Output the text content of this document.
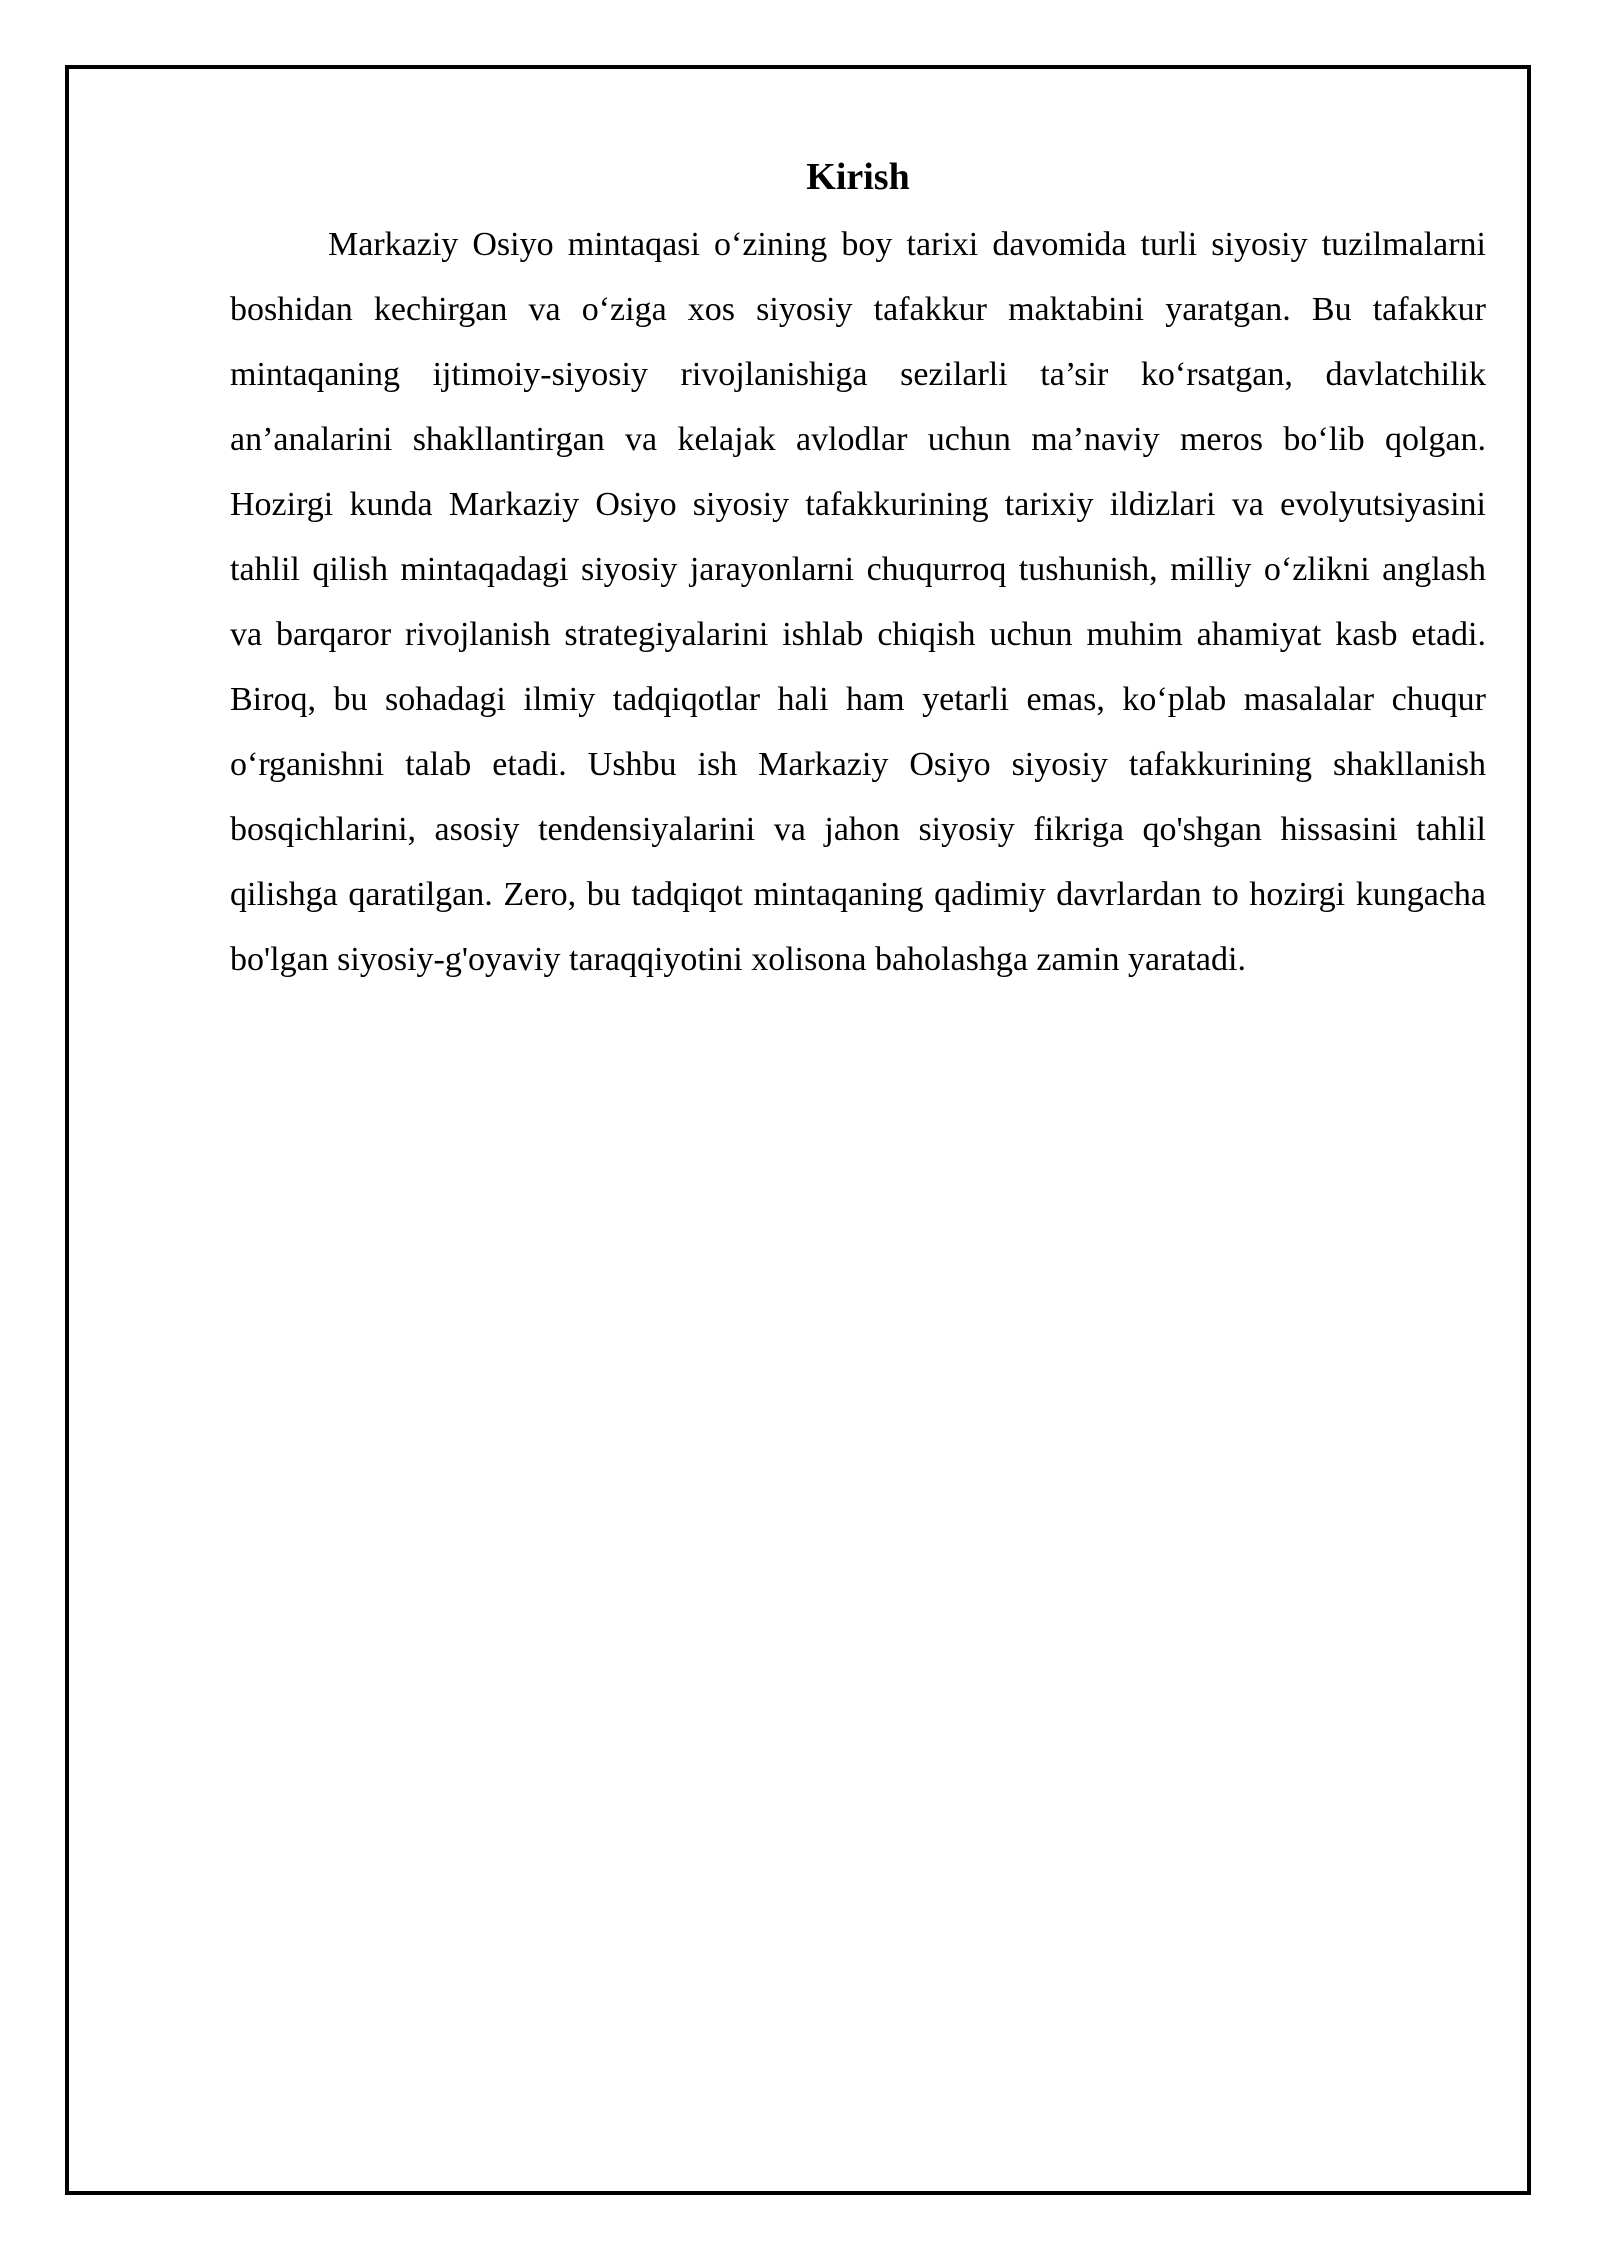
Kirish

Markaziy Osiyo mintaqasi o‘zining boy tarixi davomida turli siyosiy tuzilmalarni boshidan kechirgan va o‘ziga xos siyosiy tafakkur maktabini yaratgan. Bu tafakkur mintaqaning ijtimoiy-siyosiy rivojlanishiga sezilarli ta’sir ko‘rsatgan, davlatchilik an’analarini shakllantirgan va kelajak avlodlar uchun ma’naviy meros bo‘lib qolgan. Hozirgi kunda Markaziy Osiyo siyosiy tafakkurining tarixiy ildizlari va evolyutsiyasini tahlil qilish mintaqadagi siyosiy jarayonlarni chuqurroq tushunish, milliy o‘zlikni anglash va barqaror rivojlanish strategiyalarini ishlab chiqish uchun muhim ahamiyat kasb etadi. Biroq, bu sohadagi ilmiy tadqiqotlar hali ham yetarli emas, ko‘plab masalalar chuqur o‘rganishni talab etadi. Ushbu ish Markaziy Osiyo siyosiy tafakkurining shakllanish bosqichlarini, asosiy tendensiyalarini va jahon siyosiy fikriga qo'shgan hissasini tahlil qilishga qaratilgan. Zero, bu tadqiqot mintaqaning qadimiy davrlardan to hozirgi kungacha bo'lgan siyosiy-g'oyaviy taraqqiyotini xolisona baholashga zamin yaratadi.
